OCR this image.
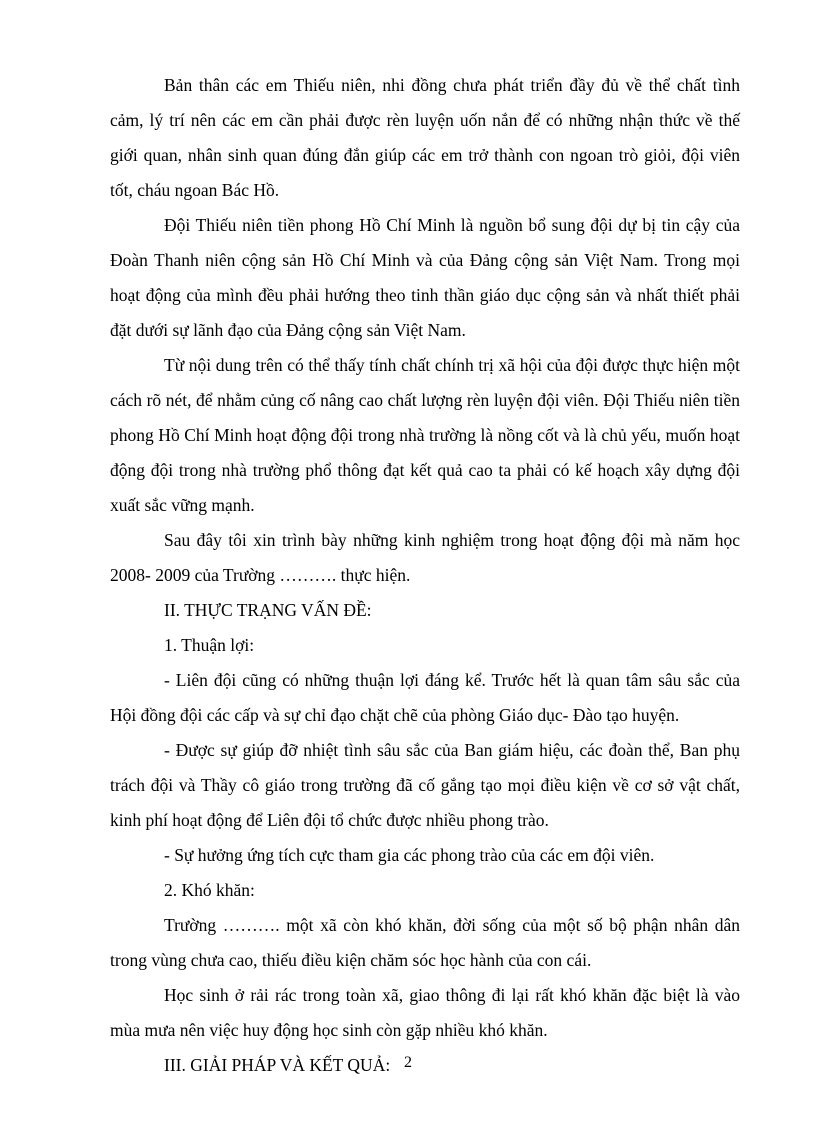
Bản thân các em Thiếu niên, nhi đồng chưa phát triển đầy đủ về thể chất tình cảm, lý trí nên các em cần phải được rèn luyện uốn nắn để có những nhận thức về thế giới quan, nhân sinh quan đúng đắn giúp các em trở thành con ngoan trò giỏi, đội viên tốt, cháu ngoan Bác Hồ.

Đội Thiếu niên tiền phong Hồ Chí Minh là nguồn bổ sung đội dự bị tin cậy của Đoàn Thanh niên cộng sản Hồ Chí Minh và của Đảng cộng sản Việt Nam. Trong mọi hoạt động của mình đều phải hướng theo tinh thần giáo dục cộng sản và nhất thiết phải đặt dưới sự lãnh đạo của Đảng cộng sản Việt Nam.

Từ nội dung trên có thể thấy tính chất chính trị xã hội của đội được thực hiện một cách rõ nét, để nhằm củng cố nâng cao chất lượng rèn luyện đội viên. Đội Thiếu niên tiền phong Hồ Chí Minh hoạt động đội trong nhà trường là nồng cốt và là chủ yếu, muốn hoạt động đội trong nhà trường phổ thông đạt kết quả cao ta phải có kế hoạch xây dựng đội xuất sắc vững mạnh.

Sau đây tôi xin trình bày những kinh nghiệm trong hoạt động đội mà năm học 2008- 2009 của Trường ………. thực hiện.

II. THỰC TRẠNG VẤN ĐỀ:

1. Thuận lợi:

- Liên đội cũng có những thuận lợi đáng kể. Trước hết là quan tâm sâu sắc của Hội đồng đội các cấp và sự chỉ đạo chặt chẽ của phòng Giáo dục- Đào tạo huyện.

- Được sự giúp đỡ nhiệt tình sâu sắc của Ban giám hiệu, các đoàn thể, Ban phụ trách đội và Thầy cô giáo trong trường đã cố gắng tạo mọi điều kiện về cơ sở vật chất, kinh phí hoạt động để Liên đội tổ chức được nhiều phong trào.

- Sự hưởng ứng tích cực tham gia các phong trào của các em đội viên.

2. Khó khăn:

Trường ………. một xã còn khó khăn, đời sống của một số bộ phận nhân dân trong vùng chưa cao, thiếu điều kiện chăm sóc học hành của con cái.

Học sinh ở rải rác trong toàn xã, giao thông đi lại rất khó khăn đặc biệt là vào mùa mưa nên việc huy động học sinh còn gặp nhiều khó khăn.

III. GIẢI PHÁP VÀ KẾT QUẢ: 2
